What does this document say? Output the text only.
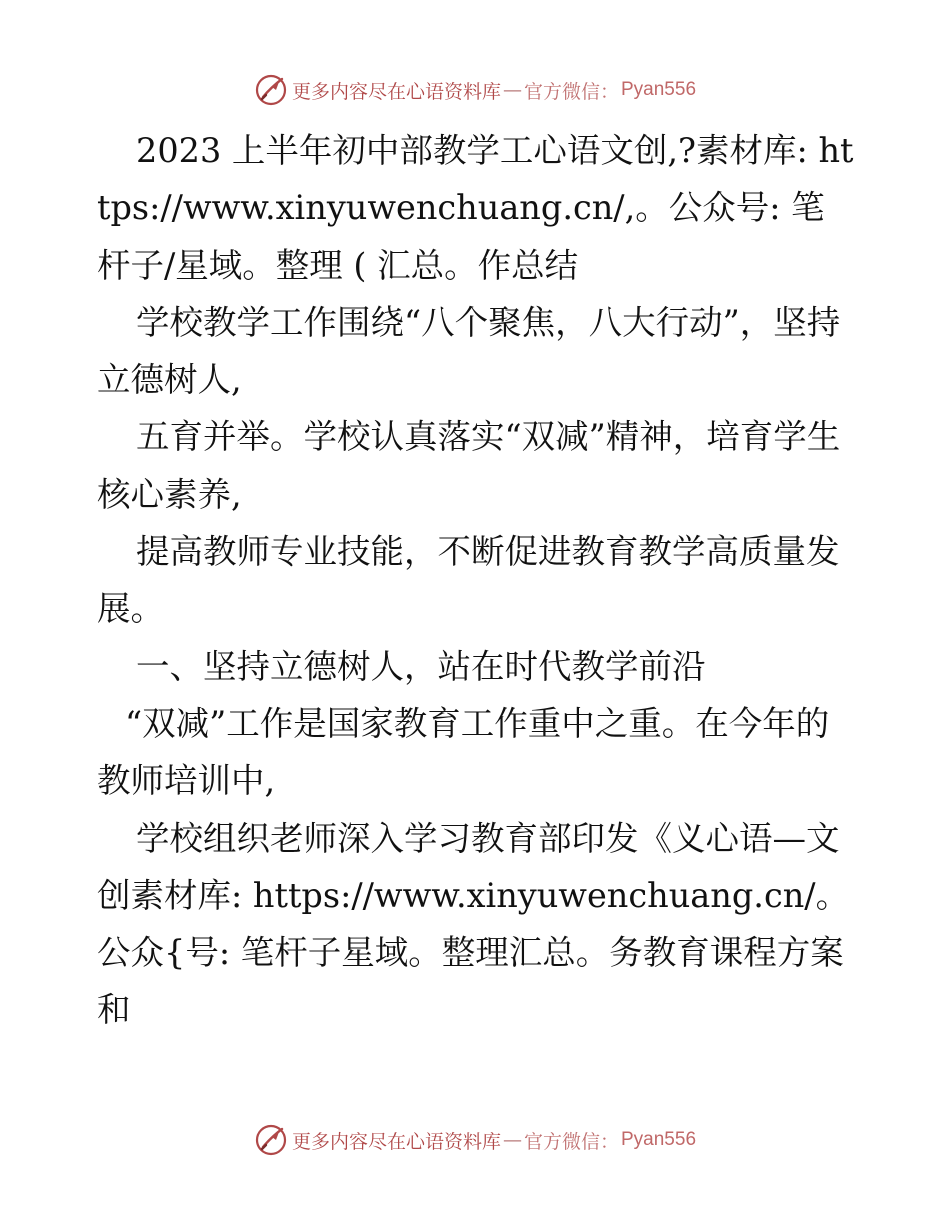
更多内容尽在心语资料库 — 官方微信： Pyan556

2023 上半年初中部教学工心语文创,?素材库: https://www.xinyuwenchuang.cn/,。公众号: 笔杆子/星域。整理 ( 汇总。作总结

学校教学工作围绕“八个聚焦，八大行动”，坚持立德树人,

五育并举。学校认真落实“双减”精神，培育学生核心素养,

提高教师专业技能，不断促进教育教学高质量发展。

一、坚持立德树人，站在时代教学前沿

“双减”工作是国家教育工作重中之重。在今年的教师培训中,

学校组织老师深入学习教育部印发《义心语—文创素材库: https://www.xinyuwenchuang.cn/。公众{号: 笔杆子星域。整理汇总。务教育课程方案和

更多内容尽在心语资料库 — 官方微信： Pyan556
